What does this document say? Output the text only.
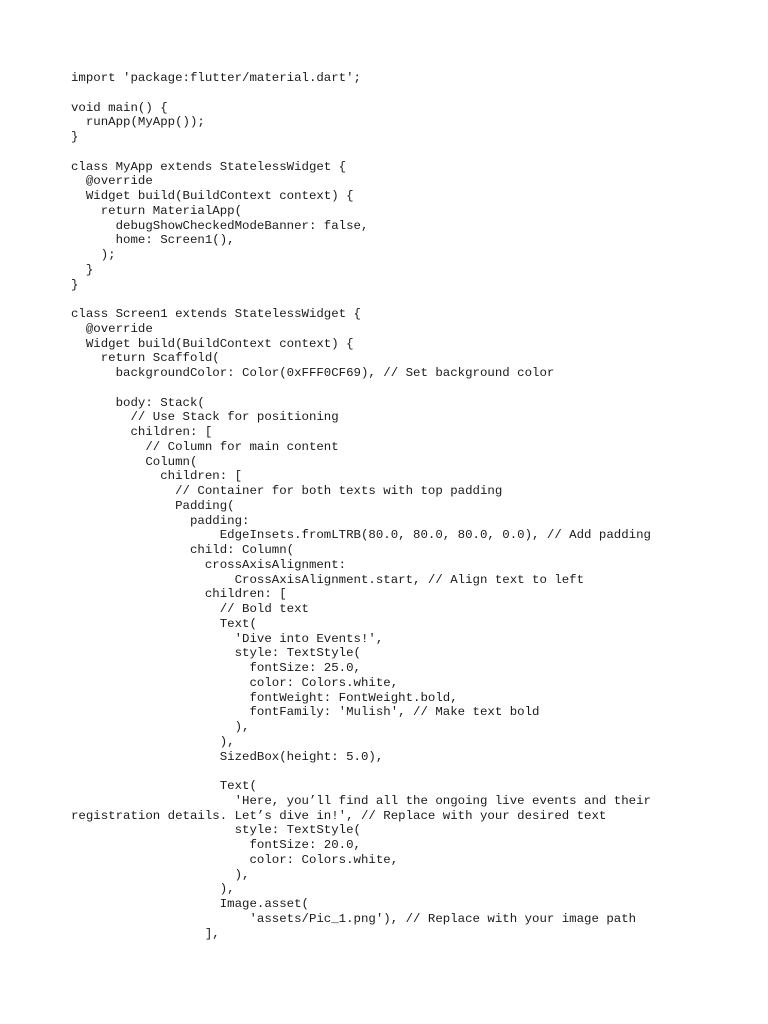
import 'package:flutter/material.dart';
void main() {
runApp(MyApp());
}
class MyApp extends StatelessWidget {
@override
Widget build(BuildContext context) {
return MaterialApp(
debugShowCheckedModeBanner: false,
home: Screen1(),
);
}
}
class Screen1 extends StatelessWidget {
@override
Widget build(BuildContext context) {
return Scaffold(
backgroundColor: Color(0xFFF0CF69), // Set background color
body: Stack(
// Use Stack for positioning
children: [
// Column for main content
Column(
children: [
// Container for both texts with top padding
Padding(
padding:
EdgeInsets.fromLTRB(80.0, 80.0, 80.0, 0.0), // Add padding
child: Column(
crossAxisAlignment:
CrossAxisAlignment.start, // Align text to left
children: [
// Bold text
Text(
'Dive into Events!',
style: TextStyle(
fontSize: 25.0,
color: Colors.white,
fontWeight: FontWeight.bold,
fontFamily: 'Mulish', // Make text bold
),
),
SizedBox(height: 5.0),
Text(
'Here, you’ll find all the ongoing live events and their
registration details. Let’s dive in!', // Replace with your desired text
style: TextStyle(
fontSize: 20.0,
color: Colors.white,
),
),
Image.asset(
'assets/Pic_1.png'), // Replace with your image path
],
